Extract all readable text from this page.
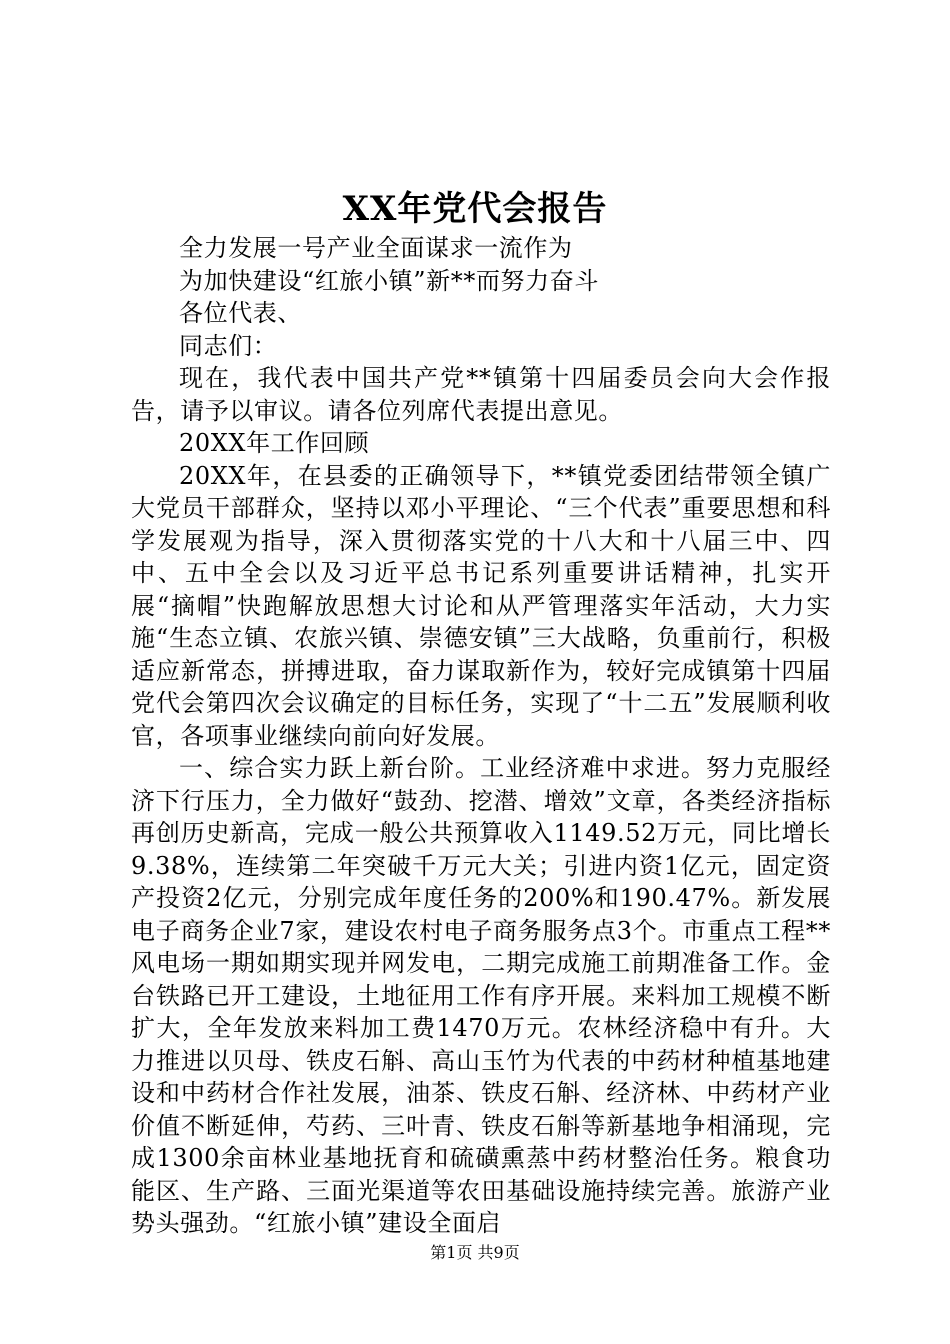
XX年党代会报告

全力发展一号产业全面谋求一流作为

为加快建设“红旅小镇”新**而努力奋斗

各位代表、

同志们：

现在，我代表中国共产党**镇第十四届委员会向大会作报告，请予以审议。请各位列席代表提出意见。

20XX年工作回顾

20XX年，在县委的正确领导下，**镇党委团结带领全镇广大党员干部群众，坚持以邓小平理论、“三个代表”重要思想和科学发展观为指导，深入贯彻落实党的十八大和十八届三中、四中、五中全会以及习近平总书记系列重要讲话精神，扎实开展“摘帽”快跑解放思想大讨论和从严管理落实年活动，大力实施“生态立镇、农旅兴镇、崇德安镇”三大战略，负重前行，积极适应新常态，拼搏进取，奋力谋取新作为，较好完成镇第十四届党代会第四次会议确定的目标任务，实现了“十二五”发展顺利收官，各项事业继续向前向好发展。

一、综合实力跃上新台阶。工业经济难中求进。努力克服经济下行压力，全力做好“鼓劲、挖潜、增效”文章，各类经济指标再创历史新高，完成一般公共预算收入1149.52万元，同比增长9.38%，连续第二年突破千万元大关；引进内资1亿元，固定资产投资2亿元，分别完成年度任务的200%和190.47%。新发展电子商务企业7家，建设农村电子商务服务点3个。市重点工程**风电场一期如期实现并网发电，二期完成施工前期准备工作。金台铁路已开工建设，土地征用工作有序开展。来料加工规模不断扩大，全年发放来料加工费1470万元。农林经济稳中有升。大力推进以贝母、铁皮石斛、高山玉竹为代表的中药材种植基地建设和中药材合作社发展，油茶、铁皮石斛、经济林、中药材产业价值不断延伸，芍药、三叶青、铁皮石斛等新基地争相涌现，完成1300余亩林业基地抚育和硫磺熏蒸中药材整治任务。粮食功能区、生产路、三面光渠道等农田基础设施持续完善。旅游产业势头强劲。“红旅小镇”建设全面启

第1页 共9页
